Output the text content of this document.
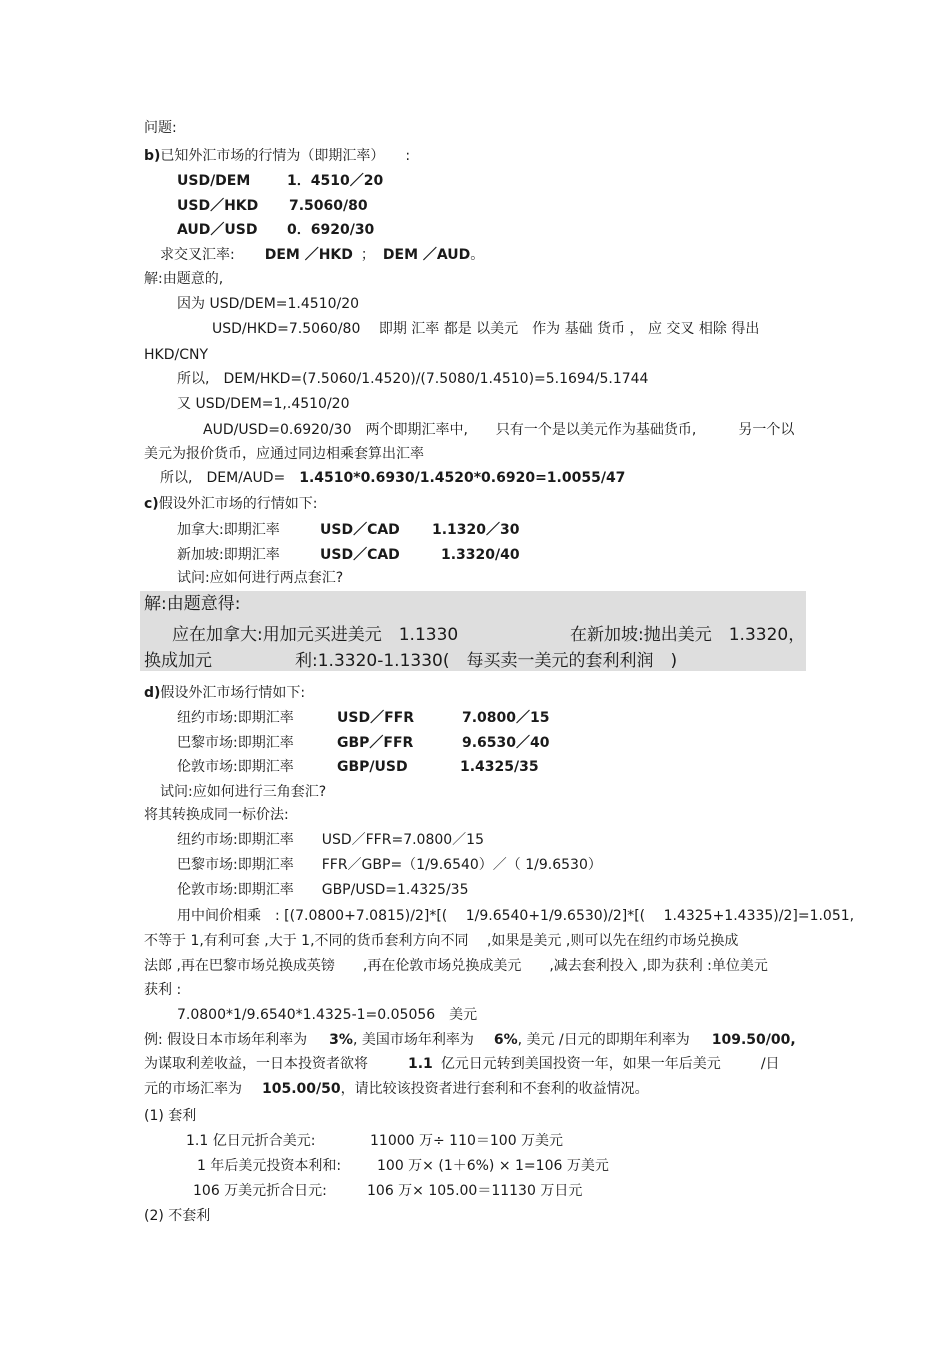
问题:
b)已知外汇市场的行情为（即期汇率）　　:
USD/DEM	1．4510／20
USD／HKD 7.5060/80
AUD／USD 0．6920/30
求交叉汇率: DEM ／HKD ； DEM ／AUD。
解:由题意的,
因为 USD/DEM=1.4510/20
USD/HKD=7.5060/80　 即期 汇率 都是 以美元　作为 基础 货币 ， 应 交叉 相除 得出
HKD/CNY
所以,　DEM/HKD=(7.5060/1.4520)/(7.5080/1.4510)=5.1694/5.1744
又 USD/DEM=1,.4510/20
AUD/USD=0.6920/30　两个即期汇率中,　　只有一个是以美元作为基础货币,　　　另一个以
美元为报价货币，应通过同边相乘套算出汇率
所以,　DEM/AUD= 1.4510*0.6930/1.4520*0.6920=1.0055/47
c)假设外汇市场的行情如下:
加拿大:即期汇率	USD／CAD 1.1320／30
新加坡:即期汇率	USD／CAD	1.3320/40
试问:应如何进行两点套汇?
解:由题意得:
应在加拿大:用加元买进美元　1.1330	在新加坡:抛出美元　1.3320，
换成加元	利:1.3320-1.1330(　每买卖一美元的套利利润　)
d)假设外汇市场行情如下:
纽约市场:即期汇率	USD／FFR	7.0800／15
巴黎市场:即期汇率	GBP／FFR	9.6530／40
伦敦市场:即期汇率	GBP/USD	1.4325/35
试问:应如何进行三角套汇?
将其转换成同一标价法:
纽约市场:即期汇率　　USD／FFR=7.0800／15
巴黎市场:即期汇率　　FFR／GBP=（1/9.6540）／（ 1/9.6530）
伦敦市场:即期汇率　　GBP/USD=1.4325/35
用中间价相乘　: [(7.0800+7.0815)/2]*[(　 1/9.6540+1/9.6530)/2]*[(　 1.4325+1.4335)/2]=1.051,
不等于 1,有利可套 ,大于 1,不同的货币套利方向不同　 ,如果是美元 ,则可以先在纽约市场兑换成
法郎 ,再在巴黎市场兑换成英镑　　,再在伦敦市场兑换成美元　　,减去套利投入 ,即为获利 :单位美元
获利 :
7.0800*1/9.6540*1.4325-1=0.05056　美元
例: 假设日本市场年利率为 3%, 美国市场年利率为 6%, 美元 /日元的即期年利率为 109.50/00,
为谋取利差收益，一日本投资者欲将	1.1 亿元日元转到美国投资一年，如果一年后美元	/日
元的市场汇率为 105.00/50，请比较该投资者进行套利和不套利的收益情况。
(1) 套利
1.1 亿日元折合美元:	11000 万÷ 110＝100 万美元
1 年后美元投资本利和:	100 万× (1＋6%) × 1=106 万美元
106 万美元折合日元:	106 万× 105.00＝11130 万日元
(2) 不套利
